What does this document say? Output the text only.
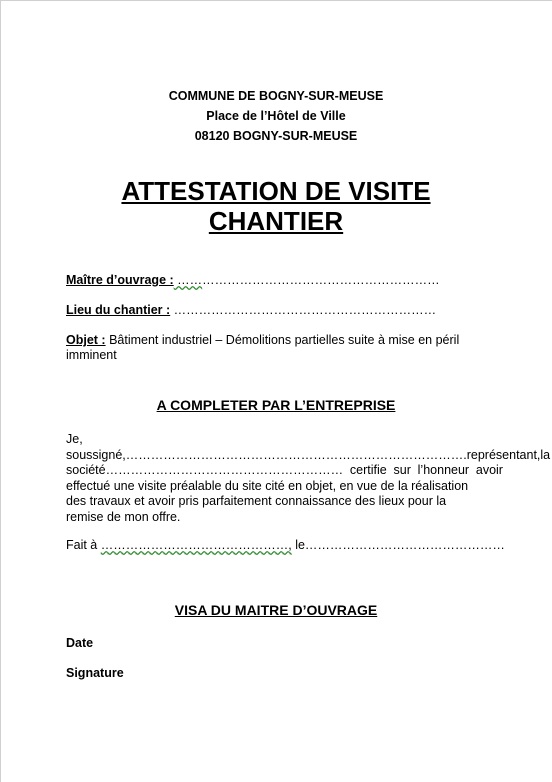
COMMUNE DE BOGNY-SUR-MEUSE
Place de l’Hôtel de Ville
08120 BOGNY-SUR-MEUSE
ATTESTATION DE VISITE
CHANTIER
Maître d’ouvrage : ………………………………………………………
Lieu du chantier : ………………………………………………………
Objet : Bâtiment industriel – Démolitions partielles suite à mise en péril imminent
A COMPLETER PAR L’ENTREPRISE
Je,
soussigné,……………………………………………………………………….représentant, la
société………………………………………………… certifie sur l’honneur avoir
effectué une visite préalable du site cité en objet, en vue de la réalisation
des travaux et avoir pris parfaitement connaissance des lieux pour la
remise de mon offre.
Fait à ………………………………………, le…………………………………………
VISA DU MAITRE D’OUVRAGE
Date
Signature
